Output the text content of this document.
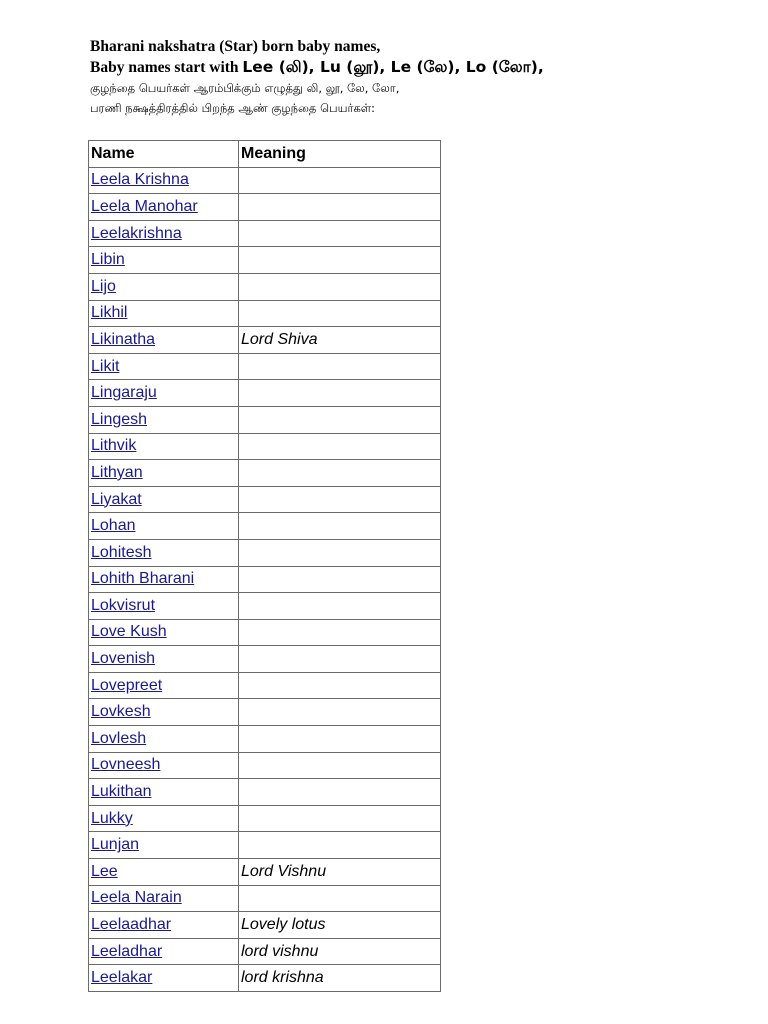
Bharani nakshatra (Star) born baby names,
Baby names start with Lee (லி), Lu (லூ), Le (லே), Lo (லோ),
குழந்தை பெயர்கள் ஆரம்பிக்கும் எழுத்து லி, லூ, லே, லோ,
பரணி நக்ஷத்திரத்தில் பிறந்த ஆண் குழந்தை பெயர்கள்:
Name	Meaning
Leela Krishna	
Leela Manohar	
Leelakrishna	
Libin	
Lijo	
Likhil	
Likinatha	Lord Shiva
Likit	
Lingaraju	
Lingesh	
Lithvik	
Lithyan	
Liyakat	
Lohan	
Lohitesh	
Lohith Bharani	
Lokvisrut	
Love Kush	
Lovenish	
Lovepreet	
Lovkesh	
Lovlesh	
Lovneesh	
Lukithan	
Lukky	
Lunjan	
Lee	Lord Vishnu
Leela Narain	
Leelaadhar	Lovely lotus
Leeladhar	lord vishnu
Leelakar	lord krishna
